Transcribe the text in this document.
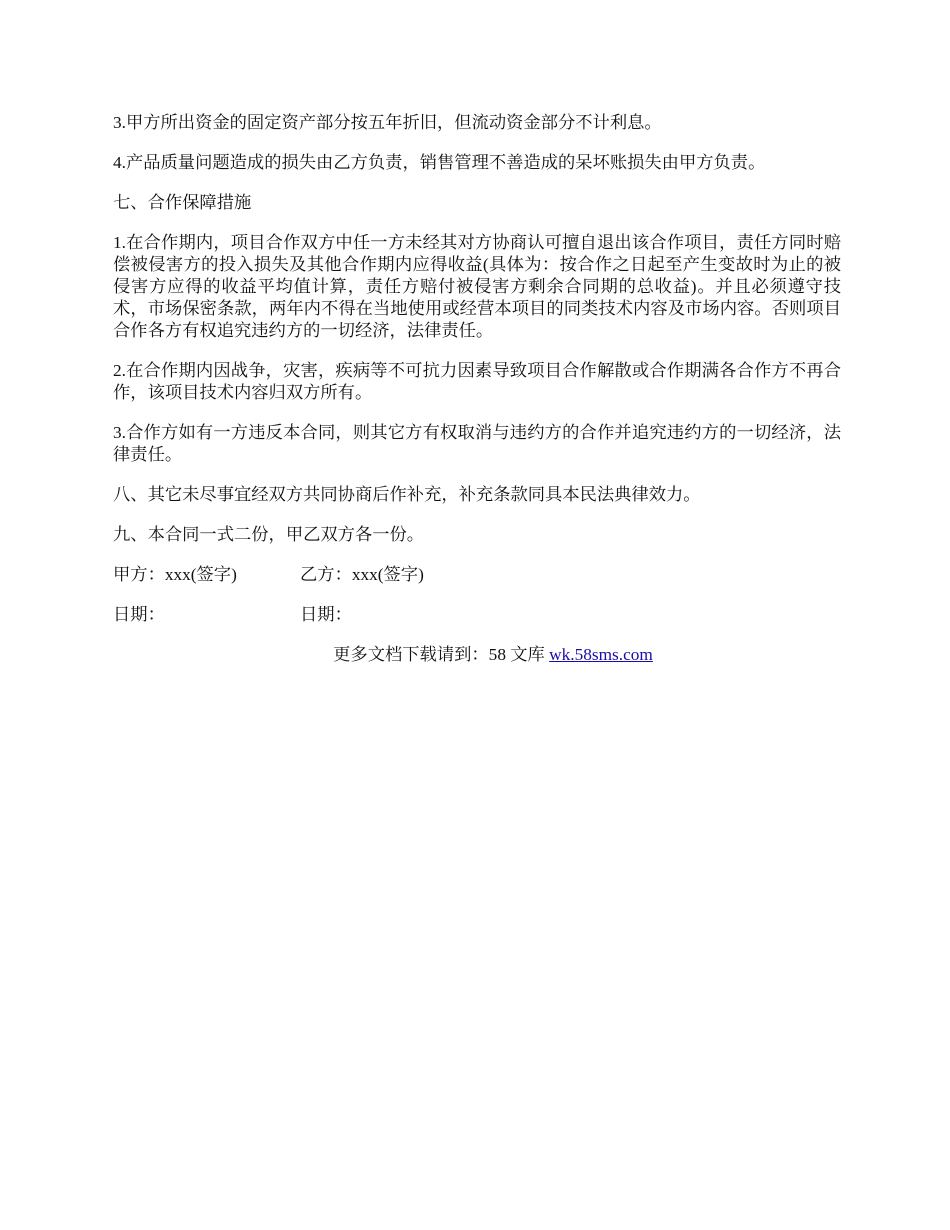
3.甲方所出资金的固定资产部分按五年折旧，但流动资金部分不计利息。

4.产品质量问题造成的损失由乙方负责，销售管理不善造成的呆坏账损失由甲方负责。

七、合作保障措施

1.在合作期内，项目合作双方中任一方未经其对方协商认可擅自退出该合作项目，责任方同时赔偿被侵害方的投入损失及其他合作期内应得收益(具体为：按合作之日起至产生变故时为止的被侵害方应得的收益平均值计算，责任方赔付被侵害方剩余合同期的总收益)。并且必须遵守技术，市场保密条款，两年内不得在当地使用或经营本项目的同类技术内容及市场内容。否则项目合作各方有权追究违约方的一切经济，法律责任。

2.在合作期内因战争，灾害，疾病等不可抗力因素导致项目合作解散或合作期满各合作方不再合作，该项目技术内容归双方所有。

3.合作方如有一方违反本合同，则其它方有权取消与违约方的合作并追究违约方的一切经济，法律责任。

八、其它未尽事宜经双方共同协商后作补充，补充条款同具本民法典律效力。

九、本合同一式二份，甲乙双方各一份。

甲方：xxx(签字)	乙方：xxx(签字)
日期：	日期：

更多文档下载请到：58 文库 wk.58sms.com
